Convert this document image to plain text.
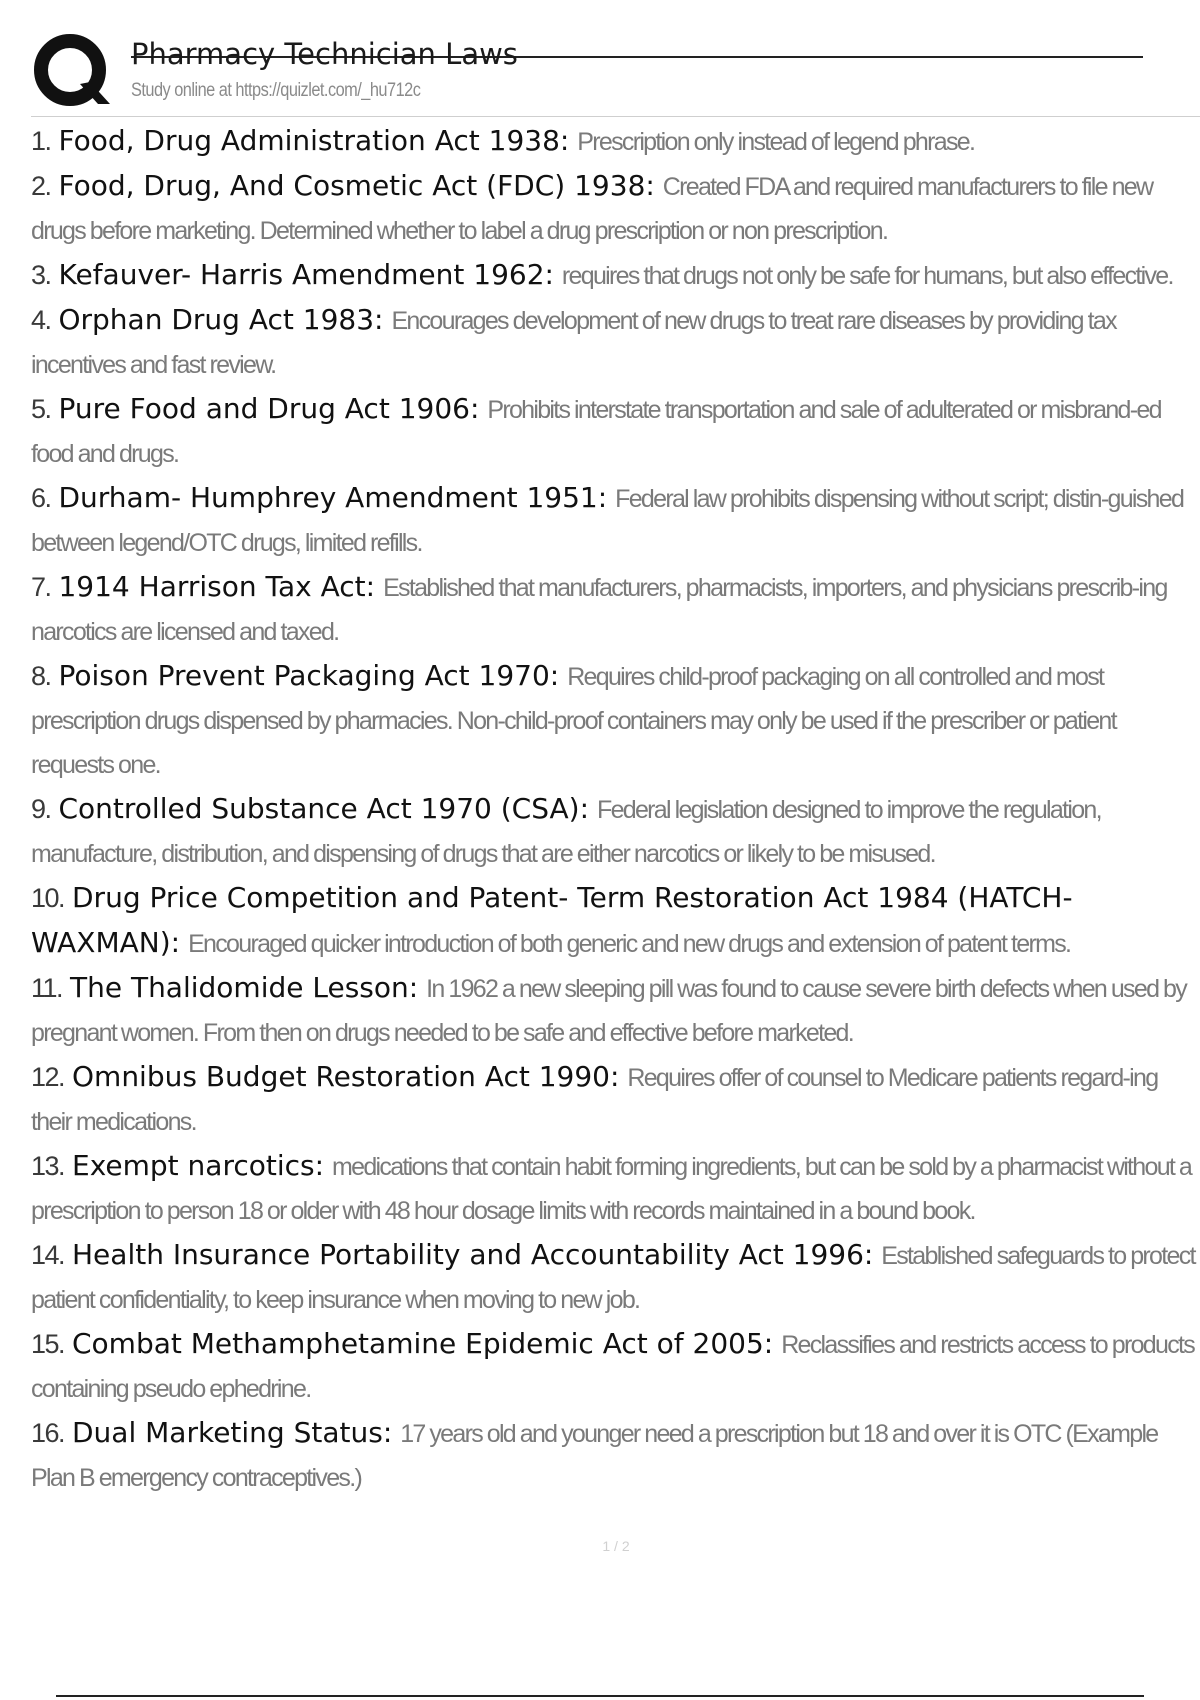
Pharmacy Technician Laws
Study online at https://quizlet.com/_hu712c
1. Food, Drug Administration Act 1938: Prescription only instead of legend phrase.
2. Food, Drug, And Cosmetic Act (FDC) 1938: Created FDA and required manufacturers to file new drugs before marketing. Determined whether to label a drug prescription or non prescription.
3. Kefauver- Harris Amendment 1962: requires that drugs not only be safe for humans, but also effective.
4. Orphan Drug Act 1983: Encourages development of new drugs to treat rare diseases by providing tax incentives and fast review.
5. Pure Food and Drug Act 1906: Prohibits interstate transportation and sale of adulterated or misbrand-ed food and drugs.
6. Durham- Humphrey Amendment 1951: Federal law prohibits dispensing without script; distin-guished between legend/OTC drugs, limited refills.
7. 1914 Harrison Tax Act: Established that manufacturers, pharmacists, importers, and physicians prescrib-ing narcotics are licensed and taxed.
8. Poison Prevent Packaging Act 1970: Requires child-proof packaging on all controlled and most prescription drugs dispensed by pharmacies. Non-child-proof containers may only be used if the prescriber or patient requests one.
9. Controlled Substance Act 1970 (CSA): Federal legislation designed to improve the regulation, manufacture, distribution, and dispensing of drugs that are either narcotics or likely to be misused.
10. Drug Price Competition and Patent- Term Restoration Act 1984 (HATCH-WAXMAN): Encouraged quicker introduction of both generic and new drugs and extension of patent terms.
11. The Thalidomide Lesson: In 1962 a new sleeping pill was found to cause severe birth defects when used by pregnant women. From then on drugs needed to be safe and effective before marketed.
12. Omnibus Budget Restoration Act 1990: Requires offer of counsel to Medicare patients regard-ing their medications.
13. Exempt narcotics: medications that contain habit forming ingredients, but can be sold by a pharmacist without a prescription to person 18 or older with 48 hour dosage limits with records maintained in a bound book.
14. Health Insurance Portability and Accountability Act 1996: Established safeguards to protect patient confidentiality, to keep insurance when moving to new job.
15. Combat Methamphetamine Epidemic Act of 2005: Reclassifies and restricts access to products containing pseudo ephedrine.
16. Dual Marketing Status: 17 years old and younger need a prescription but 18 and over it is OTC (Example Plan B emergency contraceptives.)
1 / 2
